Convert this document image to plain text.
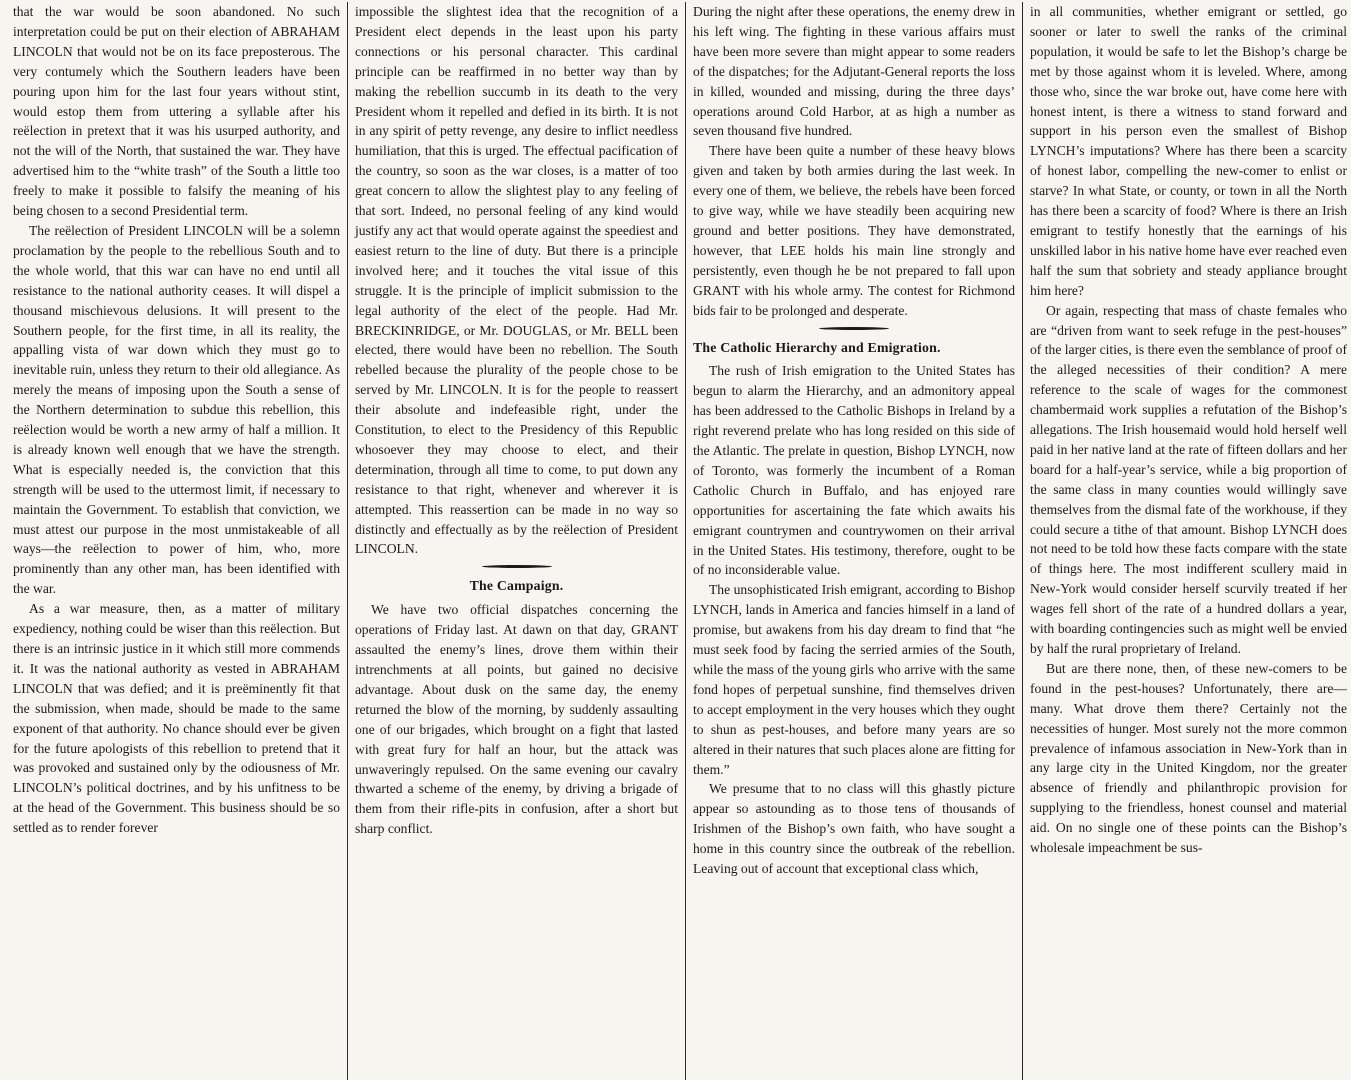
that the war would be soon abandoned. No such interpretation could be put on their election of ABRAHAM LINCOLN that would not be on its face preposterous. The very contumely which the Southern leaders have been pouring upon him for the last four years without stint, would estop them from uttering a syllable after his reëlection in pretext that it was his usurped authority, and not the will of the North, that sustained the war. They have advertised him to the “white trash” of the South a little too freely to make it possible to falsify the meaning of his being chosen to a second Presidential term.

The reëlection of President LINCOLN will be a solemn proclamation by the people to the rebellious South and to the whole world, that this war can have no end until all resistance to the national authority ceases. It will dispel a thousand mischievous delusions. It will present to the Southern people, for the first time, in all its reality, the appalling vista of war down which they must go to inevitable ruin, unless they return to their old allegiance. As merely the means of imposing upon the South a sense of the Northern determination to subdue this rebellion, this reëlection would be worth a new army of half a million. It is already known well enough that we have the strength. What is especially needed is, the conviction that this strength will be used to the uttermost limit, if necessary to maintain the Government. To establish that conviction, we must attest our purpose in the most unmistakeable of all ways—the reëlection to power of him, who, more prominently than any other man, has been identified with the war.

As a war measure, then, as a matter of military expediency, nothing could be wiser than this reëlection. But there is an intrinsic justice in it which still more commends it. It was the national authority as vested in ABRAHAM LINCOLN that was defied; and it is preëminently fit that the submission, when made, should be made to the same exponent of that authority. No chance should ever be given for the future apologists of this rebellion to pretend that it was provoked and sustained only by the odiousness of Mr. LINCOLN’s political doctrines, and by his unfitness to be at the head of the Government. This business should be so settled as to render forever

impossible the slightest idea that the recognition of a President elect depends in the least upon his party connections or his personal character. This cardinal principle can be reaffirmed in no better way than by making the rebellion succumb in its death to the very President whom it repelled and defied in its birth. It is not in any spirit of petty revenge, any desire to inflict needless humiliation, that this is urged. The effectual pacification of the country, so soon as the war closes, is a matter of too great concern to allow the slightest play to any feeling of that sort. Indeed, no personal feeling of any kind would justify any act that would operate against the speediest and easiest return to the line of duty. But there is a principle involved here; and it touches the vital issue of this struggle. It is the principle of implicit submission to the legal authority of the elect of the people. Had Mr. BRECKINRIDGE, or Mr. DOUGLAS, or Mr. BELL been elected, there would have been no rebellion. The South rebelled because the plurality of the people chose to be served by Mr. LINCOLN. It is for the people to reassert their absolute and indefeasible right, under the Constitution, to elect to the Presidency of this Republic whosoever they may choose to elect, and their determination, through all time to come, to put down any resistance to that right, whenever and wherever it is attempted. This reassertion can be made in no way so distinctly and effectually as by the reëlection of President LINCOLN.

The Campaign.

We have two official dispatches concerning the operations of Friday last. At dawn on that day, GRANT assaulted the enemy’s lines, drove them within their intrenchments at all points, but gained no decisive advantage. About dusk on the same day, the enemy returned the blow of the morning, by suddenly assaulting one of our brigades, which brought on a fight that lasted with great fury for half an hour, but the attack was unwaveringly repulsed. On the same evening our cavalry thwarted a scheme of the enemy, by driving a brigade of them from their rifle-pits in confusion, after a short but sharp conflict.

During the night after these operations, the enemy drew in his left wing. The fighting in these various affairs must have been more severe than might appear to some readers of the dispatches; for the Adjutant-General reports the loss in killed, wounded and missing, during the three days’ operations around Cold Harbor, at as high a number as seven thousand five hundred.

There have been quite a number of these heavy blows given and taken by both armies during the last week. In every one of them, we believe, the rebels have been forced to give way, while we have steadily been acquiring new ground and better positions. They have demonstrated, however, that LEE holds his main line strongly and persistently, even though he be not prepared to fall upon GRANT with his whole army. The contest for Richmond bids fair to be prolonged and desperate.

The Catholic Hierarchy and Emigration.

The rush of Irish emigration to the United States has begun to alarm the Hierarchy, and an admonitory appeal has been addressed to the Catholic Bishops in Ireland by a right reverend prelate who has long resided on this side of the Atlantic. The prelate in question, Bishop LYNCH, now of Toronto, was formerly the incumbent of a Roman Catholic Church in Buffalo, and has enjoyed rare opportunities for ascertaining the fate which awaits his emigrant countrymen and countrywomen on their arrival in the United States. His testimony, therefore, ought to be of no inconsiderable value.

The unsophisticated Irish emigrant, according to Bishop LYNCH, lands in America and fancies himself in a land of promise, but awakens from his day dream to find that “he must seek food by facing the serried armies of the South, while the mass of the young girls who arrive with the same fond hopes of perpetual sunshine, find themselves driven to accept employment in the very houses which they ought to shun as pest-houses, and before many years are so altered in their natures that such places alone are fitting for them.”

We presume that to no class will this ghastly picture appear so astounding as to those tens of thousands of Irishmen of the Bishop’s own faith, who have sought a home in this country since the outbreak of the rebellion. Leaving out of account that exceptional class which,

in all communities, whether emigrant or settled, go sooner or later to swell the ranks of the criminal population, it would be safe to let the Bishop’s charge be met by those against whom it is leveled. Where, among those who, since the war broke out, have come here with honest intent, is there a witness to stand forward and support in his person even the smallest of Bishop LYNCH’s imputations? Where has there been a scarcity of honest labor, compelling the new-comer to enlist or starve? In what State, or county, or town in all the North has there been a scarcity of food? Where is there an Irish emigrant to testify honestly that the earnings of his unskilled labor in his native home have ever reached even half the sum that sobriety and steady appliance brought him here?

Or again, respecting that mass of chaste females who are “driven from want to seek refuge in the pest-houses” of the larger cities, is there even the semblance of proof of the alleged necessities of their condition? A mere reference to the scale of wages for the commonest chambermaid work supplies a refutation of the Bishop’s allegations. The Irish housemaid would hold herself well paid in her native land at the rate of fifteen dollars and her board for a half-year’s service, while a big proportion of the same class in many counties would willingly save themselves from the dismal fate of the workhouse, if they could secure a tithe of that amount. Bishop LYNCH does not need to be told how these facts compare with the state of things here. The most indifferent scullery maid in New-York would consider herself scurvily treated if her wages fell short of the rate of a hundred dollars a year, with boarding contingencies such as might well be envied by half the rural proprietary of Ireland.

But are there none, then, of these new-comers to be found in the pest-houses? Unfortunately, there are—many. What drove them there? Certainly not the necessities of hunger. Most surely not the more common prevalence of infamous association in New-York than in any large city in the United Kingdom, nor the greater absence of friendly and philanthropic provision for supplying to the friendless, honest counsel and material aid. On no single one of these points can the Bishop’s wholesale impeachment be sus-
